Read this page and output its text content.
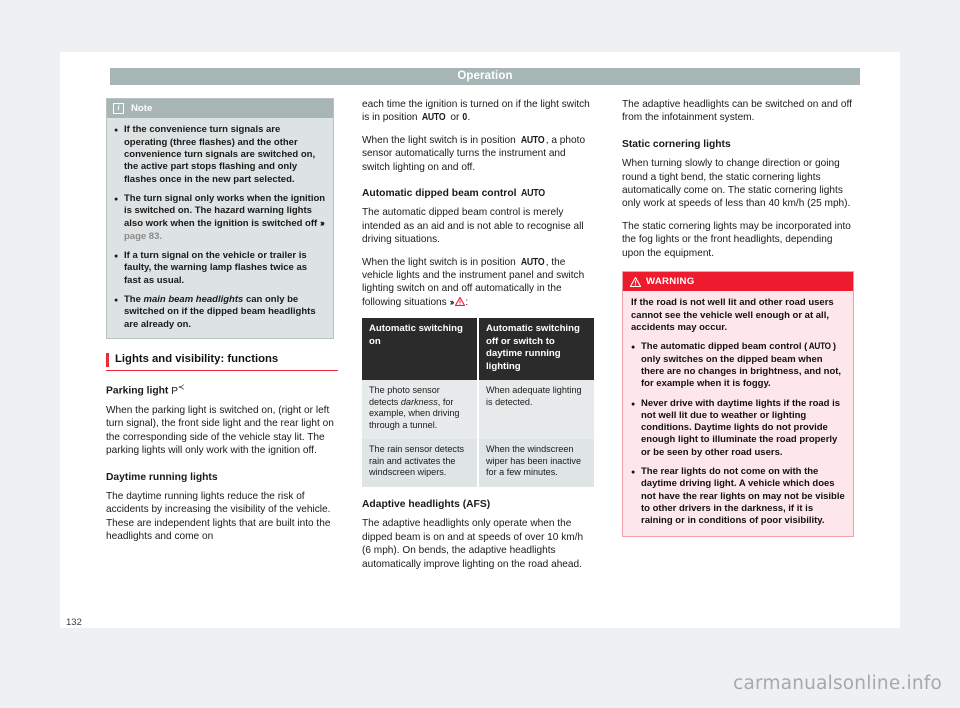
Operation
i	Note

● If the convenience turn signals are operating (three flashes) and the other convenience turn signals are switched on, the active part stops flashing and only flashes once in the new part selected.

● The turn signal only works when the ignition is switched on. The hazard warning lights also work when the ignition is switched off ››› page 83.

● If a turn signal on the vehicle or trailer is faulty, the warning lamp flashes twice as fast as usual.

● The main beam headlights can only be switched on if the dipped beam headlights are already on.

Lights and visibility: functions

Parking light P≺

When the parking light is switched on, (right or left turn signal), the front side light and the rear light on the corresponding side of the vehicle stay lit. The parking lights will only work with the ignition off.

Daytime running lights

The daytime running lights reduce the risk of accidents by increasing the visibility of the vehicle. These are independent lights that are built into the headlights and come on

each time the ignition is turned on if the light switch is in position AUTO or 0.

When the light switch is in position AUTO , a photo sensor automatically turns the instrument and switch lighting on and off.

Automatic dipped beam control AUTO

The automatic dipped beam control is merely intended as an aid and is not able to recognise all driving situations.

When the light switch is in position AUTO , the vehicle lights and the instrument panel and switch lighting switch on and off automatically in the following situations ››› :

Automatic switching on	Automatic switching off or switch to daytime running lighting
The photo sensor detects darkness, for example, when driving through a tunnel.	When adequate lighting is detected.
The rain sensor detects rain and activates the windscreen wipers.	When the windscreen wiper has been inactive for a few minutes.

Adaptive headlights (AFS)

The adaptive headlights only operate when the dipped beam is on and at speeds of over 10 km/h (6 mph). On bends, the adaptive headlights automatically improve lighting on the road ahead.

The adaptive headlights can be switched on and off from the infotainment system.

Static cornering lights

When turning slowly to change direction or going round a tight bend, the static cornering lights automatically come on. The static cornering lights only work at speeds of less than 40 km/h (25 mph).

The static cornering lights may be incorporated into the fog lights or the front headlights, depending upon the equipment.

WARNING

If the road is not well lit and other road users cannot see the vehicle well enough or at all, accidents may occur.

● The automatic dipped beam control ( AUTO ) only switches on the dipped beam when there are no changes in brightness, and not, for example when it is foggy.

● Never drive with daytime lights if the road is not well lit due to weather or lighting conditions. Daytime lights do not provide enough light to illuminate the road properly or be seen by other road users.

● The rear lights do not come on with the daytime driving light. A vehicle which does not have the rear lights on may not be visible to other drivers in the darkness, if it is raining or in conditions of poor visibility.

132
carmanualsonline.info
